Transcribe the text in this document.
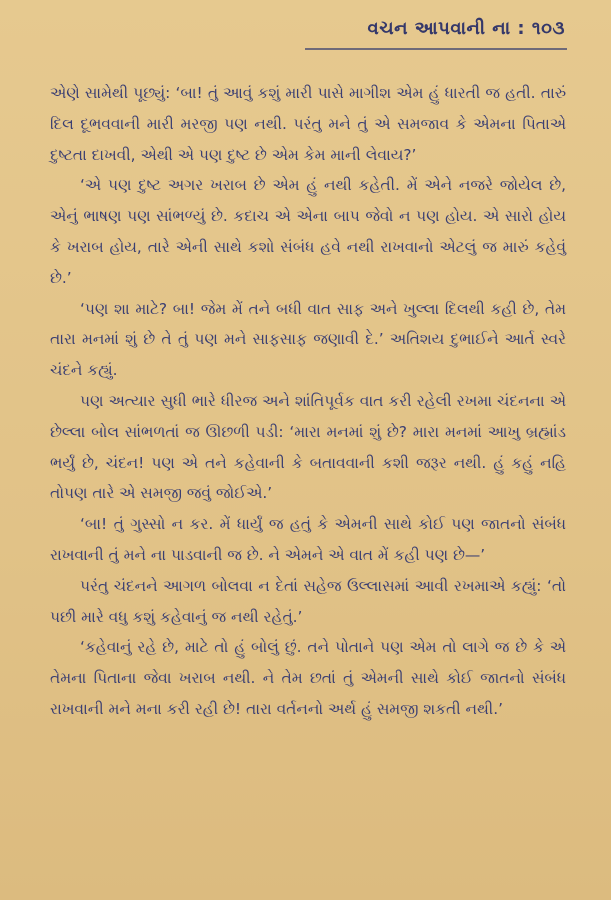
વચન આપવાની ના : ૧૦૩

એણે સામેથી પૂછ્યું: ‘બા! તું આવું કશું મારી પાસે માગીશ એમ હું ધારતી જ હતી. તારું દિલ દૂભવવાની મારી મરજી પણ નથી. પરંતુ મને તું એ સમજાવ કે એમના પિતાએ દુષ્ટતા દાખવી, એથી એ પણ દુષ્ટ છે એમ કેમ માની લેવાય?’

‘એ પણ દુષ્ટ અગર ખરાબ છે એમ હું નથી કહેતી. મેં એને નજરે જોયેલ છે, એનું ભાષણ પણ સાંભળ્યું છે. કદાચ એ એના બાપ જેવો ન પણ હોય. એ સારો હોય કે ખરાબ હોય, તારે એની સાથે કશો સંબંધ હવે નથી રાખવાનો એટલું જ મારું કહેવું છે.’

‘પણ શા માટે? બા! જેમ મેં તને બધી વાત સાફ અને ખુલ્લા દિલથી કહી છે, તેમ તારા મનમાં શું છે તે તું પણ મને સાફસાફ જણાવી દે.’ અતિશય દુભાઈને આર્ત સ્વરે ચંદને કહ્યું.

પણ અત્યાર સુધી ભારે ધીરજ અને શાંતિપૂર્વક વાત કરી રહેલી રખમા ચંદનના એ છેલ્લા બોલ સાંભળતાં જ ઊછળી પડી: ‘મારા મનમાં શું છે? મારા મનમાં આખુ બ્રહ્માંડ ભર્યું છે, ચંદન! પણ એ તને કહેવાની કે બતાવવાની કશી જરૂર નથી. હું કહું નહિ તોપણ તારે એ સમજી જવું જોઈએ.’

‘બા! તું ગુસ્સો ન કર. મેં ધાર્યું જ હતું કે એમની સાથે કોઈ પણ જાતનો સંબંધ રાખવાની તું મને ના પાડવાની જ છે. ને એમને એ વાત મેં કહી પણ છે—’

પરંતુ ચંદનને આગળ બોલવા ન દેતાં સહેજ ઉલ્લાસમાં આવી રખમાએ કહ્યું: ‘તો પછી મારે વધુ કશું કહેવાનું જ નથી રહેતું.’

‘કહેવાનું રહે છે, માટે તો હું બોલું છું. તને પોતાને પણ એમ તો લાગે જ છે કે એ તેમના પિતાના જેવા ખરાબ નથી. ને તેમ છતાં તું એમની સાથે કોઈ જાતનો સંબંધ રાખવાની મને મના કરી રહી છે! તારા વર્તનનો અર્થ હું સમજી શકતી નથી.’
